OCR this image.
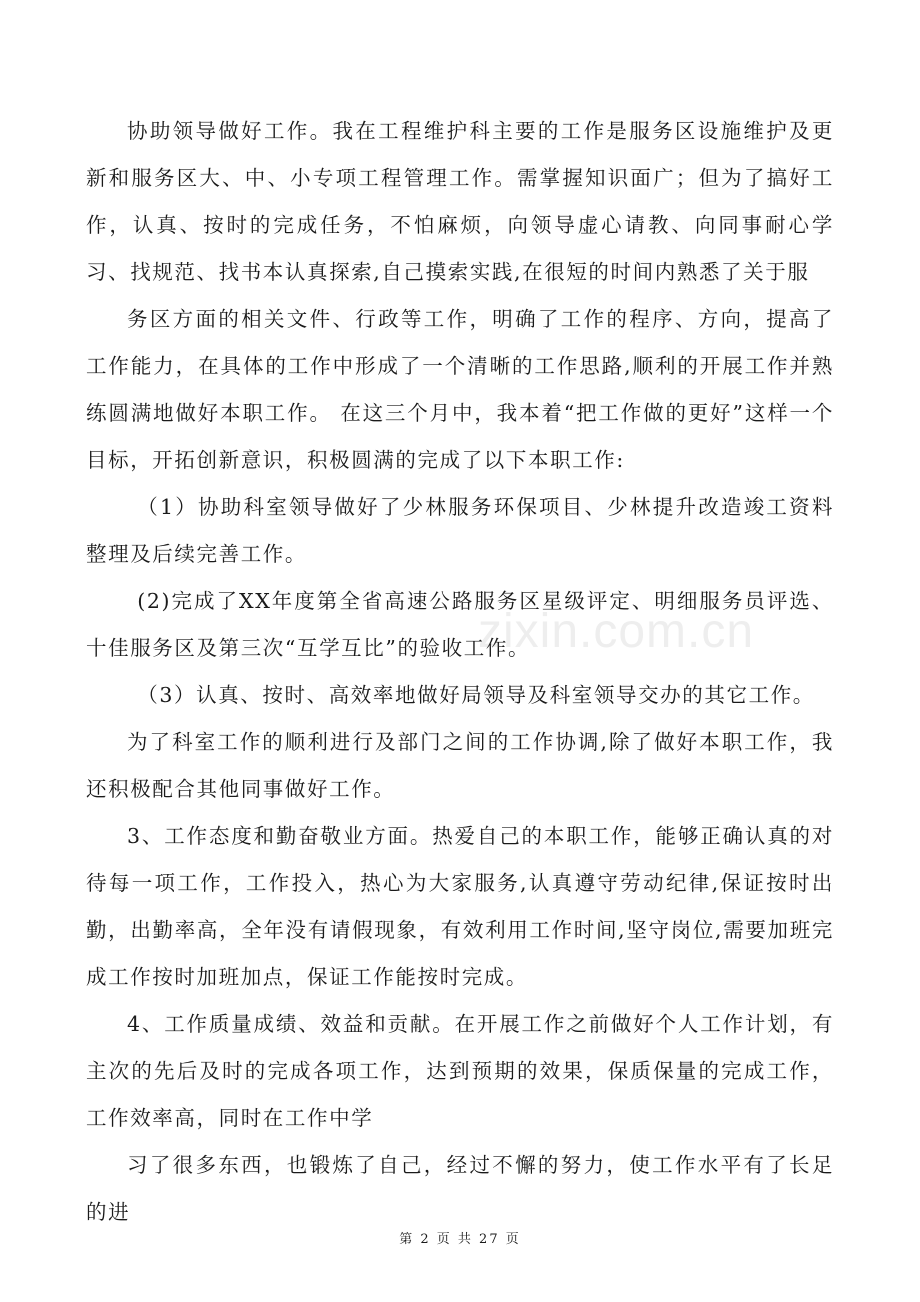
协助领导做好工作。我在工程维护科主要的工作是服务区设施维护及更新和服务区大、中、小专项工程管理工作。需掌握知识面广；但为了搞好工作，认真、按时的完成任务，不怕麻烦，向领导虚心请教、向同事耐心学习、找规范、找书本认真探索,自己摸索实践,在很短的时间内熟悉了关于服

务区方面的相关文件、行政等工作，明确了工作的程序、方向，提高了工作能力，在具体的工作中形成了一个清晰的工作思路,顺利的开展工作并熟练圆满地做好本职工作。 在这三个月中，我本着“把工作做的更好”这样一个目标，开拓创新意识，积极圆满的完成了以下本职工作:

（1）协助科室领导做好了少林服务环保项目、少林提升改造竣工资料整理及后续完善工作。

(2)完成了XX年度第全省高速公路服务区星级评定、明细服务员评选、十佳服务区及第三次“互学互比”的验收工作。

（3）认真、按时、高效率地做好局领导及科室领导交办的其它工作。

为了科室工作的顺利进行及部门之间的工作协调,除了做好本职工作，我还积极配合其他同事做好工作。

3、工作态度和勤奋敬业方面。热爱自己的本职工作，能够正确认真的对待每一项工作，工作投入，热心为大家服务,认真遵守劳动纪律,保证按时出勤，出勤率高，全年没有请假现象，有效利用工作时间,坚守岗位,需要加班完成工作按时加班加点，保证工作能按时完成。

4、工作质量成绩、效益和贡献。在开展工作之前做好个人工作计划，有主次的先后及时的完成各项工作，达到预期的效果，保质保量的完成工作，工作效率高，同时在工作中学

习了很多东西，也锻炼了自己，经过不懈的努力，使工作水平有了长足的进

zixin.com.cn
第 2 页 共 27 页
